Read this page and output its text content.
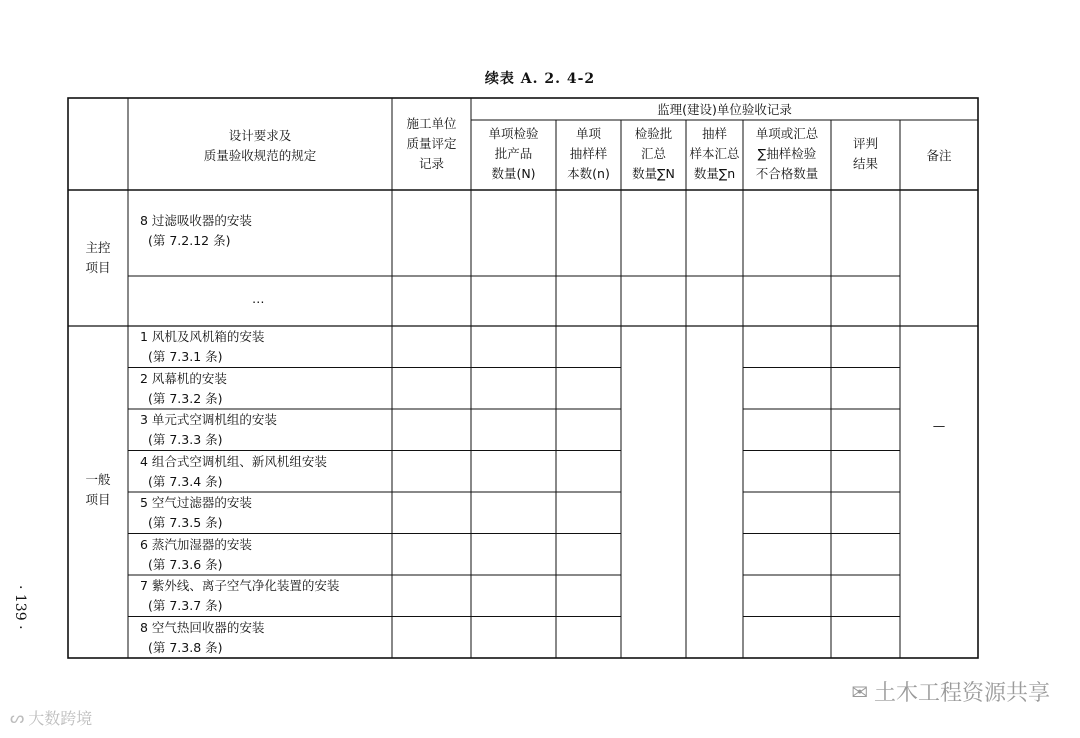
续表 A. 2. 4-2
设计要求及
质量验收规范的规定
施工单位
质量评定
记录
监理(建设)单位验收记录
单项检验
批产品
数量(N)
单项
抽样样
本数(n)
检验批
汇总
数量∑N
抽样
样本汇总
数量∑n
单项或汇总
∑抽样检验
不合格数量
评判
结果
备注
主控
项目
8 过滤吸收器的安装
(第 7.2.12 条)
…
一般
项目
—
1 风机及风机箱的安装
(第 7.3.1 条)
2 风幕机的安装
(第 7.3.2 条)
3 单元式空调机组的安装
(第 7.3.3 条)
4 组合式空调机组、新风机组安装
(第 7.3.4 条)
5 空气过滤器的安装
(第 7.3.5 条)
6 蒸汽加湿器的安装
(第 7.3.6 条)
7 紫外线、离子空气净化装置的安装
(第 7.3.7 条)
8 空气热回收器的安装
(第 7.3.8 条)
· 139 ·
✉ 土木工程资源共享
ᔕ 大数跨境
